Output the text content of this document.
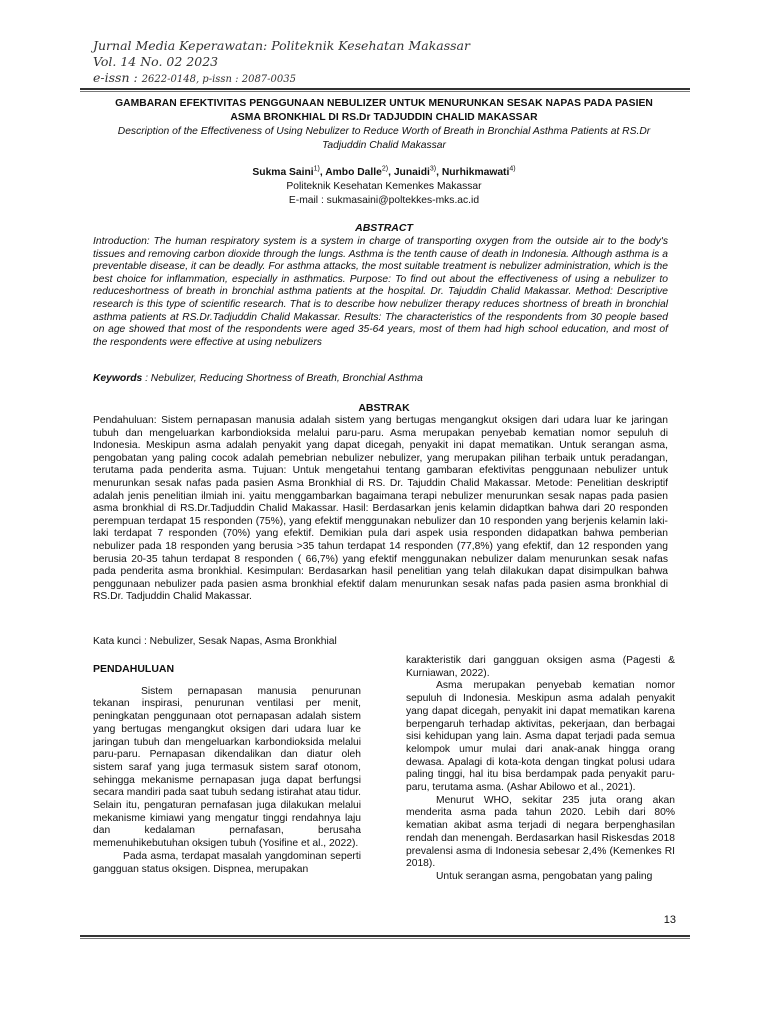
Jurnal Media Keperawatan: Politeknik Kesehatan Makassar
Vol. 14 No. 02 2023
e-issn : 2622-0148, p-issn : 2087-0035
GAMBARAN EFEKTIVITAS PENGGUNAAN NEBULIZER UNTUK MENURUNKAN SESAK NAPAS PADA PASIEN
ASMA BRONKHIAL DI RS.Dr TADJUDDIN CHALID MAKASSAR
Description of the Effectiveness of Using Nebulizer to Reduce Worth of Breath in Bronchial Asthma Patients at RS.Dr
Tadjuddin Chalid Makassar
Sukma Saini$^{1)}$, Ambo Dalle$^{2)}$, Junaidi$^{3)}$, Nurhikmawati$^{4)}$
Politeknik Kesehatan Kemenkes Makassar
E-mail : sukmasaini@poltekkes-mks.ac.id
ABSTRACT
Introduction: The human respiratory system is a system in charge of transporting oxygen from the outside air to the body's tissues and removing carbon dioxide through the lungs. Asthma is the tenth cause of death in Indonesia. Although asthma is a preventable disease, it can be deadly. For asthma attacks, the most suitable treatment is nebulizer administration, which is the best choice for inflammation, especially in asthmatics. Purpose: To find out about the effectiveness of using a nebulizer to reduceshortness of breath in bronchial asthma patients at the hospital. Dr. Tajuddin Chalid Makassar. Method: Descriptive research is this type of scientific research. That is to describe how nebulizer therapy reduces shortness of breath in bronchial asthma patients at RS.Dr.Tadjuddin Chalid Makassar. Results: The characteristics of the respondents from 30 people based on age showed that most of the respondents were aged 35-64 years, most of them had high school education, and most of the respondents were effective at using nebulizers
Keywords : Nebulizer, Reducing Shortness of Breath, Bronchial Asthma
ABSTRAK
Pendahuluan: Sistem pernapasan manusia adalah sistem yang bertugas mengangkut oksigen dari udara luar ke jaringan tubuh dan mengeluarkan karbondioksida melalui paru-paru. Asma merupakan penyebab kematian nomor sepuluh di Indonesia. Meskipun asma adalah penyakit yang dapat dicegah, penyakit ini dapat mematikan. Untuk serangan asma, pengobatan yang paling cocok adalah pemebrian nebulizer nebulizer, yang merupakan pilihan terbaik untuk peradangan, terutama pada penderita asma. Tujuan: Untuk mengetahui tentang gambaran efektivitas penggunaan nebulizer untuk menurunkan sesak nafas pada pasien Asma Bronkhial di RS. Dr. Tajuddin Chalid Makassar. Metode: Penelitian deskriptif adalah jenis penelitian ilmiah ini. yaitu menggambarkan bagaimana terapi nebulizer menurunkan sesak napas pada pasien asma bronkhial di RS.Dr.Tadjuddin Chalid Makassar. Hasil: Berdasarkan jenis kelamin didaptkan bahwa dari 20 responden perempuan terdapat 15 responden (75%), yang efektif menggunakan nebulizer dan 10 responden yang berjenis kelamin laki-laki terdapat 7 responden (70%) yang efektif. Demikian pula dari aspek usia responden didapatkan bahwa pemberian nebulizer pada 18 responden yang berusia >35 tahun terdapat 14 responden (77,8%) yang efektif, dan 12 responden yang berusia 20-35 tahun terdapat 8 responden ( 66,7%) yang efektif menggunakan nebulizer dalam menurunkan sesak nafas pada penderita asma bronkhial. Kesimpulan: Berdasarkan hasil penelitian yang telah dilakukan dapat disimpulkan bahwa penggunaan nebulizer pada pasien asma bronkhial efektif dalam menurunkan sesak nafas pada pasien asma bronkhial di RS.Dr. Tadjuddin Chalid Makassar.
Kata kunci : Nebulizer, Sesak Napas, Asma Bronkhial
PENDAHULUAN

Sistem pernapasan manusia penurunan tekanan inspirasi, penurunan ventilasi per menit, peningkatan penggunaan otot pernapasan adalah sistem yang bertugas mengangkut oksigen dari udara luar ke jaringan tubuh dan mengeluarkan karbondioksida melalui paru-paru. Pernapasan dikendalikan dan diatur oleh sistem saraf yang juga termasuk sistem saraf otonom, sehingga mekanisme pernapasan juga dapat berfungsi secara mandiri pada saat tubuh sedang istirahat atau tidur. Selain itu, pengaturan pernafasan juga dilakukan melalui mekanisme kimiawi yang mengatur tinggi rendahnya laju dan kedalaman pernafasan, berusaha memenuhikebutuhan oksigen tubuh (Yosifine et al., 2022).

Pada asma, terdapat masalah yangdominan seperti gangguan status oksigen. Dispnea, merupakan

karakteristik dari gangguan oksigen asma (Pagesti & Kurniawan, 2022).

Asma merupakan penyebab kematian nomor sepuluh di Indonesia. Meskipun asma adalah penyakit yang dapat dicegah, penyakit ini dapat mematikan karena berpengaruh terhadap aktivitas, pekerjaan, dan berbagai sisi kehidupan yang lain. Asma dapat terjadi pada semua kelompok umur mulai dari anak-anak hingga orang dewasa. Apalagi di kota-kota dengan tingkat polusi udara paling tinggi, hal itu bisa berdampak pada penyakit paru-paru, terutama asma. (Ashar Abilowo et al., 2021).

Menurut WHO, sekitar 235 juta orang akan menderita asma pada tahun 2020. Lebih dari 80% kematian akibat asma terjadi di negara berpenghasilan rendah dan menengah. Berdasarkan hasil Riskesdas 2018 prevalensi asma di Indonesia sebesar 2,4% (Kemenkes RI 2018).

Untuk serangan asma, pengobatan yang paling

13
